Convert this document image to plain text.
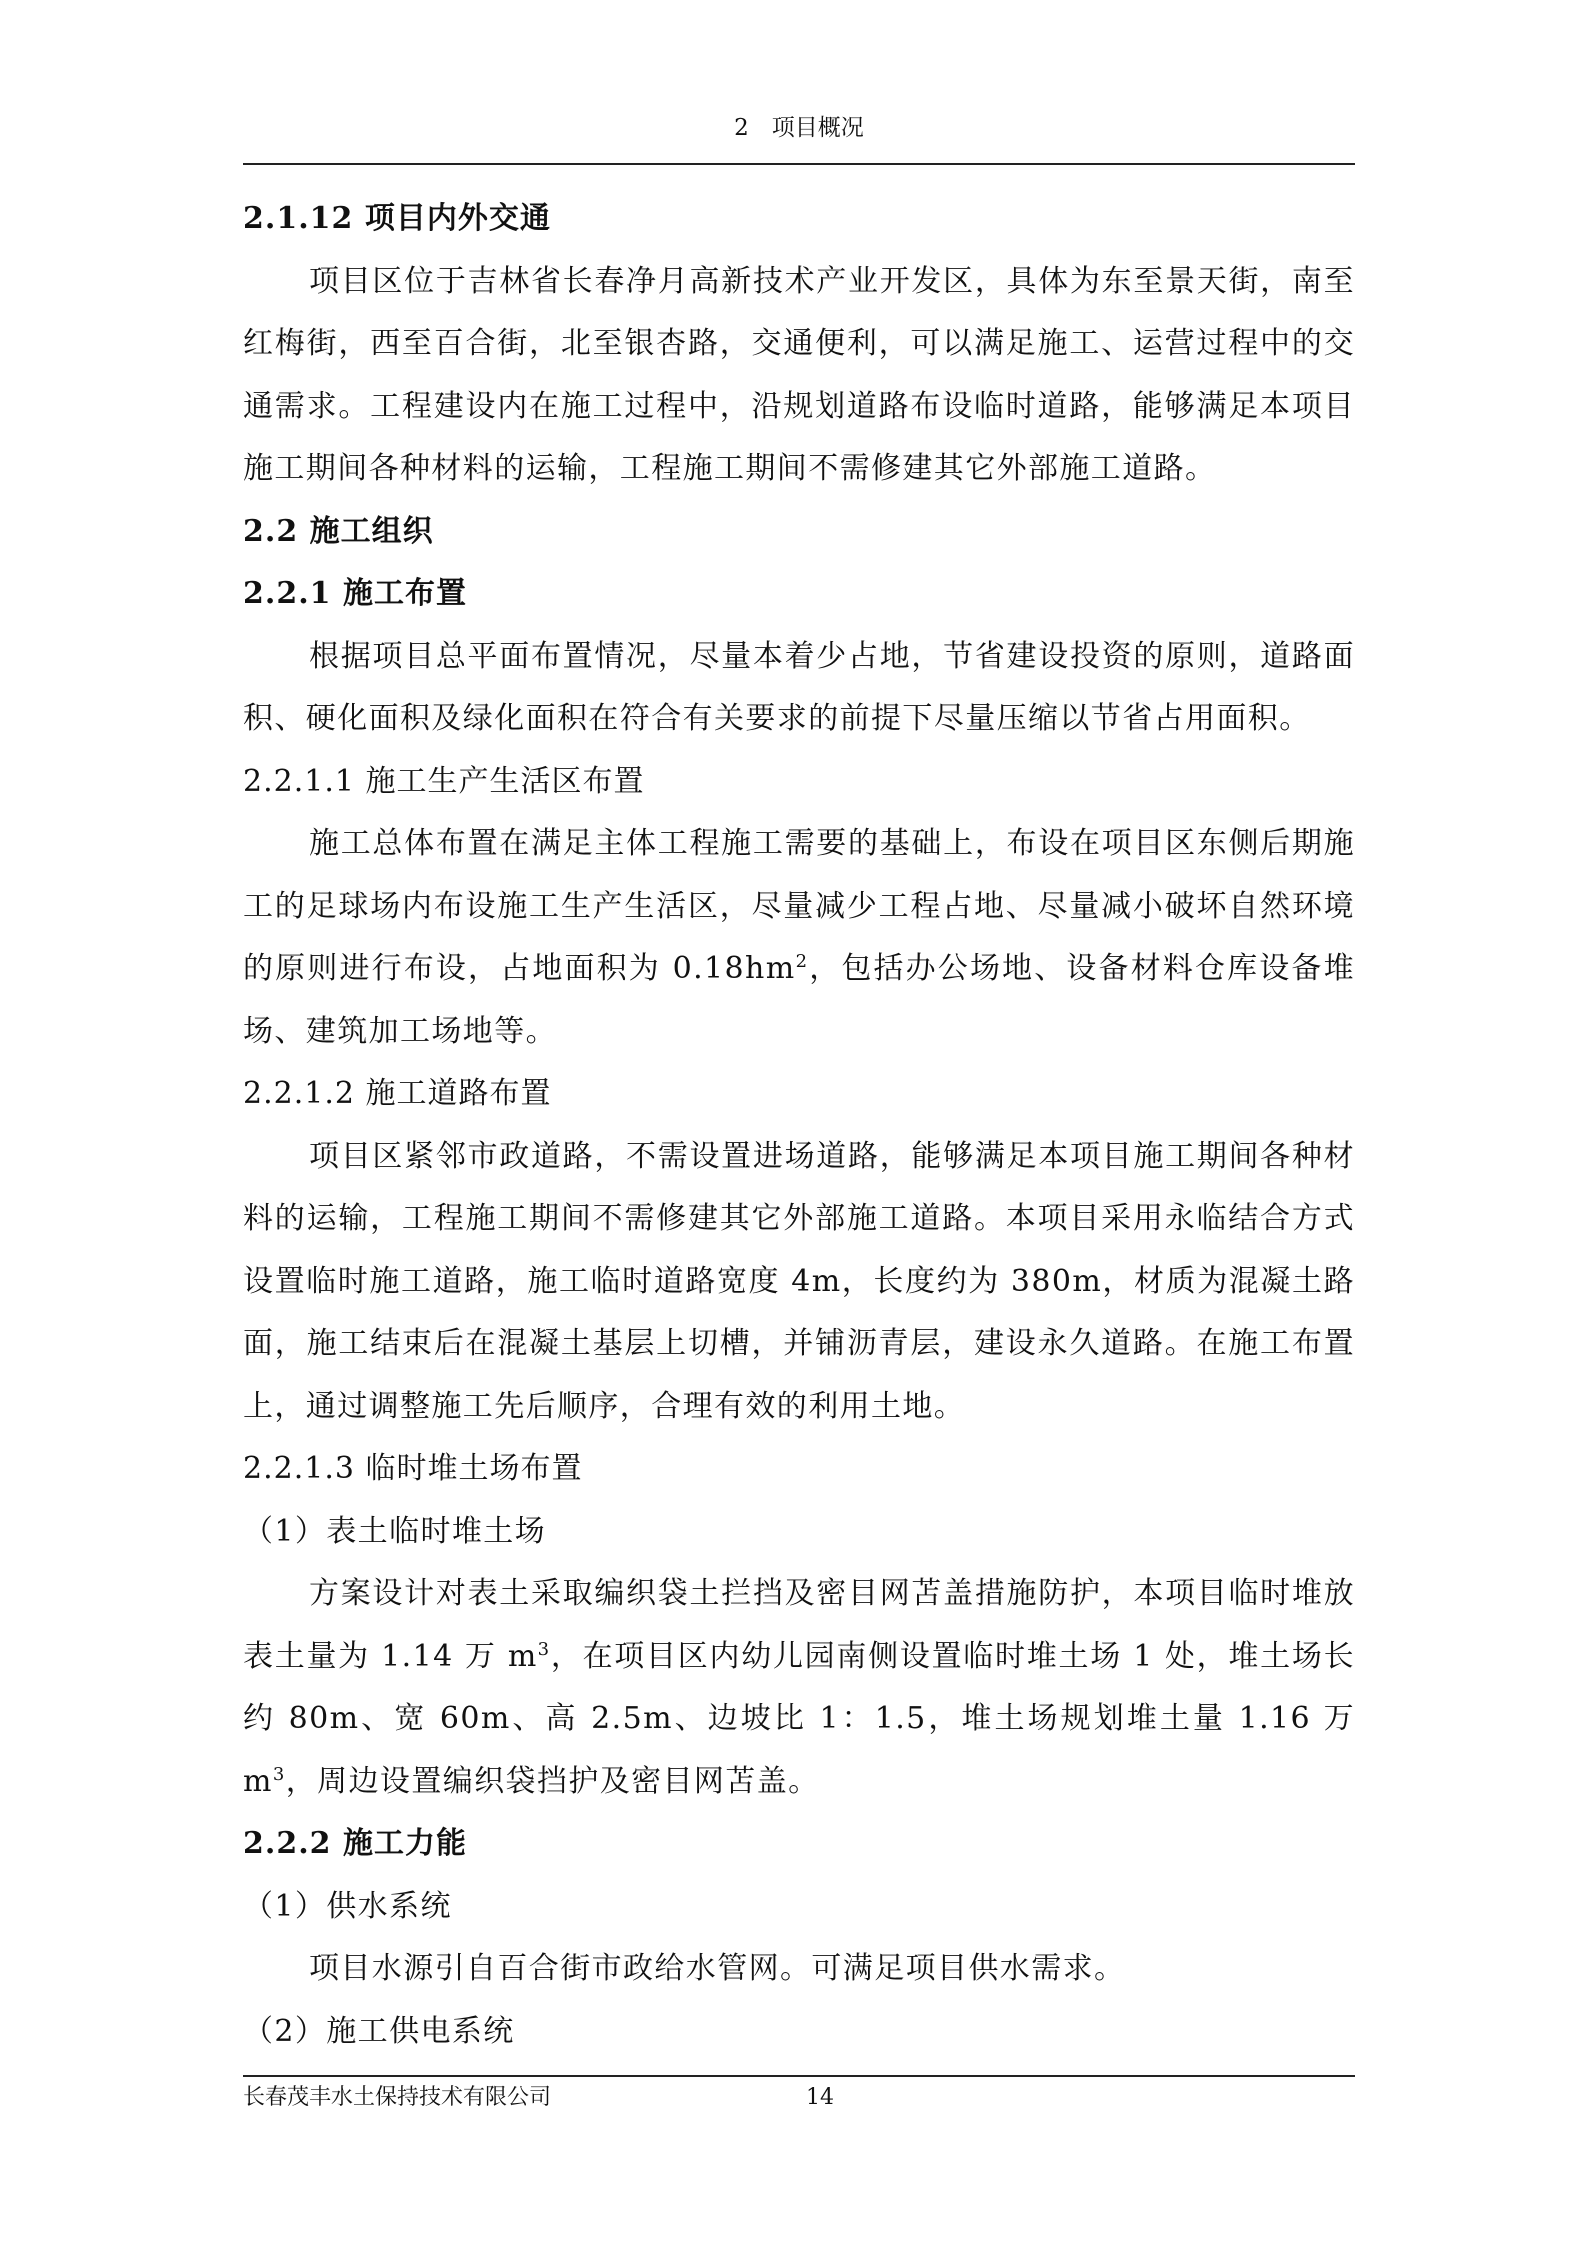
2　项目概况

2.1.12 项目内外交通

项目区位于吉林省长春净月高新技术产业开发区，具体为东至景天街，南至红梅街，西至百合街，北至银杏路，交通便利，可以满足施工、运营过程中的交通需求。工程建设内在施工过程中，沿规划道路布设临时道路，能够满足本项目施工期间各种材料的运输，工程施工期间不需修建其它外部施工道路。

2.2 施工组织

2.2.1 施工布置

根据项目总平面布置情况，尽量本着少占地，节省建设投资的原则，道路面积、硬化面积及绿化面积在符合有关要求的前提下尽量压缩以节省占用面积。

2.2.1.1 施工生产生活区布置

施工总体布置在满足主体工程施工需要的基础上，布设在项目区东侧后期施工的足球场内布设施工生产生活区，尽量减少工程占地、尽量减小破坏自然环境的原则进行布设，占地面积为 $0.18hm^2$，包括办公场地、设备材料仓库设备堆场、建筑加工场地等。

2.2.1.2 施工道路布置

项目区紧邻市政道路，不需设置进场道路，能够满足本项目施工期间各种材料的运输，工程施工期间不需修建其它外部施工道路。本项目采用永临结合方式设置临时施工道路，施工临时道路宽度 4m，长度约为 380m，材质为混凝土路面，施工结束后在混凝土基层上切槽，并铺沥青层，建设永久道路。在施工布置上，通过调整施工先后顺序，合理有效的利用土地。

2.2.1.3 临时堆土场布置

（1）表土临时堆土场

方案设计对表土采取编织袋土拦挡及密目网苫盖措施防护，本项目临时堆放表土量为 1.14 万 $m^3$，在项目区内幼儿园南侧设置临时堆土场 1 处，堆土场长约 80m、宽 60m、高 2.5m、边坡比 1：1.5，堆土场规划堆土量 1.16 万 $m^3$，周边设置编织袋挡护及密目网苫盖。

2.2.2 施工力能

（1）供水系统

项目水源引自百合街市政给水管网。可满足项目供水需求。

（2）施工供电系统

长春茂丰水土保持技术有限公司	14
